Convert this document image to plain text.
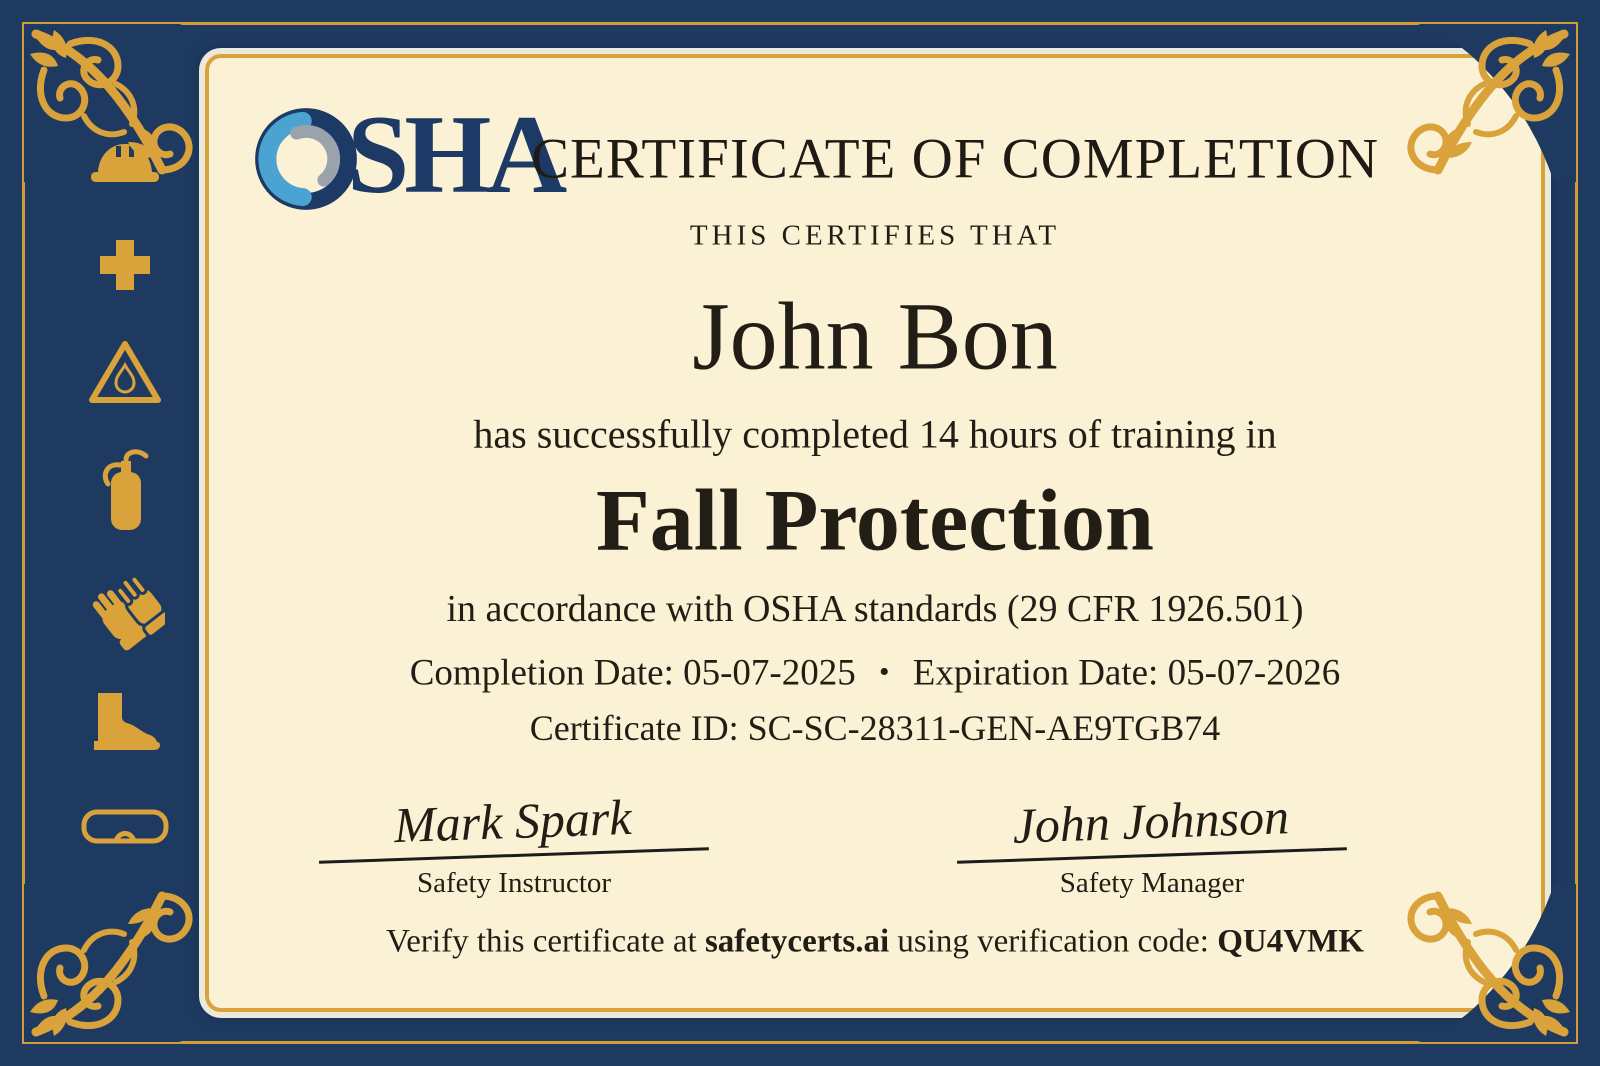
SHA
CERTIFICATE OF COMPLETION
THIS CERTIFIES THAT
John Bon
has successfully completed 14 hours of training in
Fall Protection
in accordance with OSHA standards (29 CFR 1926.501)
Completion Date: 05-07-2025 • Expiration Date: 05-07-2026
Certificate ID: SC-SC-28311-GEN-AE9TGB74
Mark Spark
Safety Instructor
John Johnson
Safety Manager
Verify this certificate at safetycerts.ai using verification code: QU4VMK
